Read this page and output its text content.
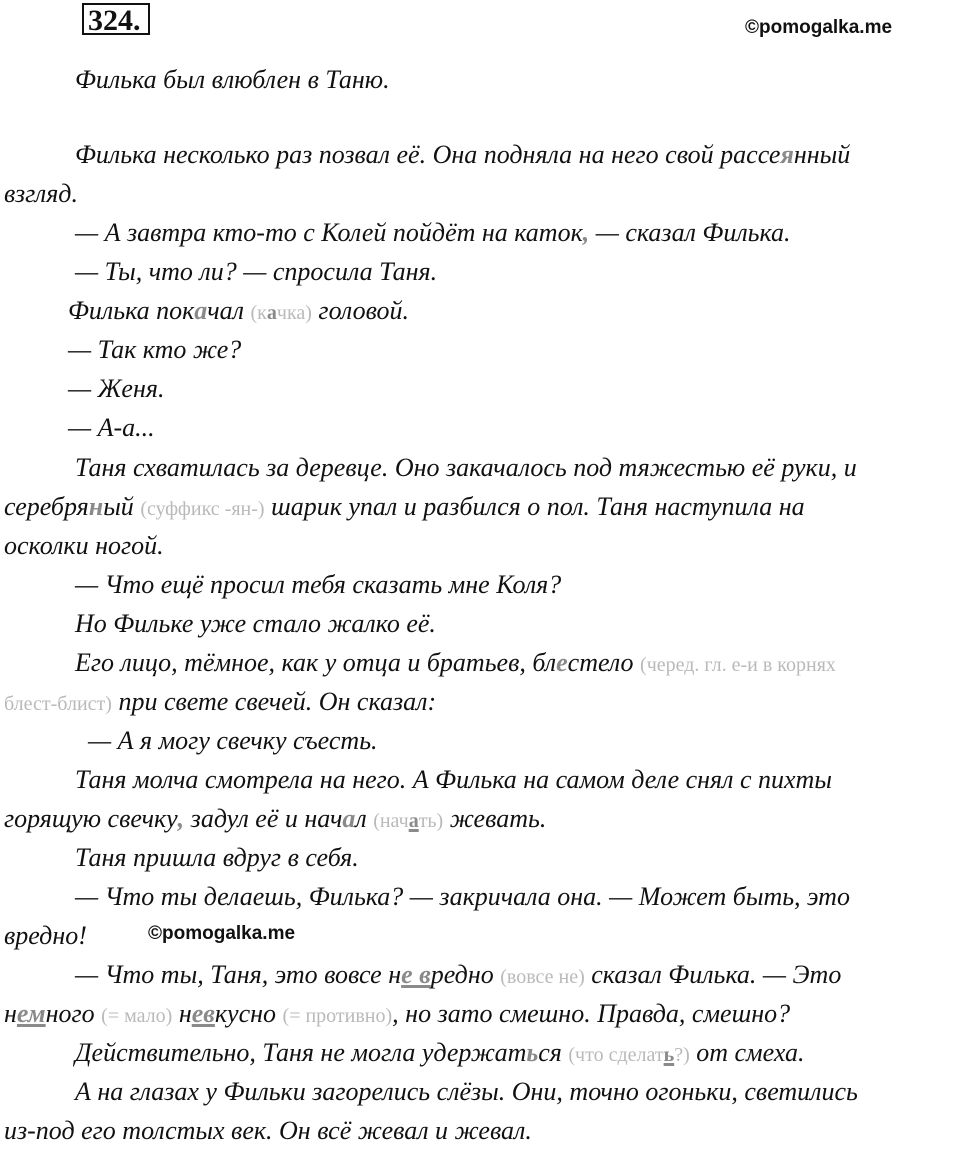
324.	©pomogalka.me
©pomogalka.me
Филька был влюблен в Таню.
Филька несколько раз позвал её. Она подняла на него свой рассеянный
взгляд.
— А завтра кто-то с Колей пойдёт на каток, — сказал Филька.
— Ты, что ли? — спросила Таня.
Филька покачал (качка) головой.
— Так кто же?
— Женя.
— А-а...
Таня схватилась за деревце. Оно закачалось под тяжестью её руки, и
серебряный (суффикс -ян-) шарик упал и разбился о пол. Таня наступила на
осколки ногой.
— Что ещё просил тебя сказать мне Коля?
Но Фильке уже стало жалко её.
Его лицо, тёмное, как у отца и братьев, блестело (черед. гл. е-и в корнях
блест-блист) при свете свечей. Он сказал:
— А я могу свечку съесть.
Таня молча смотрела на него. А Филька на самом деле снял с пихты
горящую свечку, задул её и начал (начать) жевать.
Таня пришла вдруг в себя.
— Что ты делаешь, Филька? — закричала она. — Может быть, это
вредно!
— Что ты, Таня, это вовсе не вредно (вовсе не) сказал Филька. — Это
немного (= мало) невкусно (= противно), но зато смешно. Правда, смешно?
Действительно, Таня не могла удержаться (что сделать?) от смеха.
А на глазах у Фильки загорелись слёзы. Они, точно огоньки, светились
из-под его толстых век. Он всё жевал и жевал.
